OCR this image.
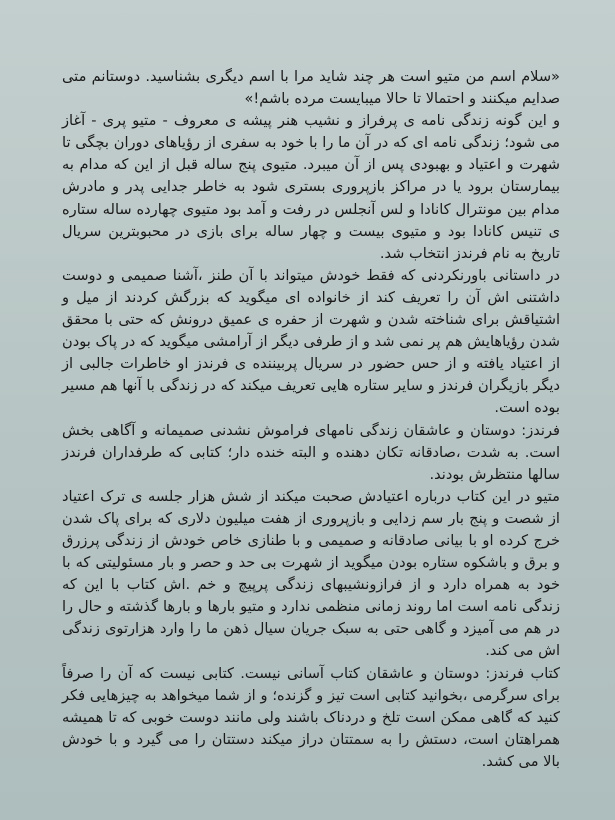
«سلام اسم من متیو است هر چند شاید مرا با اسم دیگری بشناسید. دوستانم متی صدایم میکنند و احتمالا تا حالا میبایست مرده باشم!»

و این گونه زندگی نامه ی پرفراز و نشیب هنر پیشه ی معروف - متیو پری - آغاز می شود؛ زندگی نامه ای که در آن ما را با خود به سفری از رؤیاهای دوران بچگی تا شهرت و اعتیاد و بهبودی پس از آن میبرد. متیوی پنج ساله قبل از این که مدام به بیمارستان برود یا در مراکز بازپروری بستری شود به خاطر جدایی پدر و مادرش مدام بین مونترال کانادا و لس آنجلس در رفت و آمد بود متیوی چهارده ساله ستاره ی تنیس کانادا بود و متیوی بیست و چهار ساله برای بازی در محبوبترین سریال تاریخ به نام فرندز انتخاب شد.

در داستانی باورنکردنی که فقط خودش میتواند با آن طنز ،آشنا صمیمی و دوست داشتنی اش آن را تعریف کند از خانواده ای میگوید که بزرگش کردند از میل و اشتیاقش برای شناخته شدن و شهرت از حفره ی عمیق درونش که حتی با محقق شدن رؤیاهایش هم پر نمی شد و از طرفی دیگر از آرامشی میگوید که در پاک بودن از اعتیاد یافته و از حس حضور در سریال پربیننده ی فرندز او خاطرات جالبی از دیگر بازیگران فرندز و سایر ستاره هایی تعریف میکند که در زندگی با آنها هم مسیر بوده است.

فرندز: دوستان و عاشقان زندگی نامهای فراموش نشدنی صمیمانه و آگاهی بخش است. به شدت ،صادقانه تکان دهنده و البته خنده دار؛ کتابی که طرفداران فرندز سالها منتظرش بودند.

متیو در این کتاب درباره اعتیادش صحبت میکند از شش هزار جلسه ی ترک اعتیاد از شصت و پنج بار سم زدایی و بازپروری از هفت میلیون دلاری که برای پاک شدن خرج کرده او با بیانی صادقانه و صمیمی و با طنازی خاص خودش از زندگی پرزرق و برق و باشکوه ستاره بودن میگوید از شهرت بی حد و حصر و بار مسئولیتی که با خود به همراه دارد و از فرازونشیبهای زندگی پرپیچ و خم .اش کتاب با این که زندگی نامه است اما روند زمانی منظمی ندارد و متیو بارها و بارها گذشته و حال را در هم می آمیزد و گاهی حتی به سبک جریان سیال ذهن ما را وارد هزارتوی زندگی اش می کند.

کتاب فرندز: دوستان و عاشقان کتاب آسانی نیست. کتابی نیست که آن را صرفاً برای سرگرمی ،بخوانید کتابی است تیز و گزنده؛ و از شما میخواهد به چیزهایی فکر کنید که گاهی ممکن است تلخ و دردناک باشند ولی مانند دوست خوبی که تا همیشه همراهتان است، دستش را به سمتتان دراز میکند دستتان را می گیرد و با خودش بالا می کشد.
